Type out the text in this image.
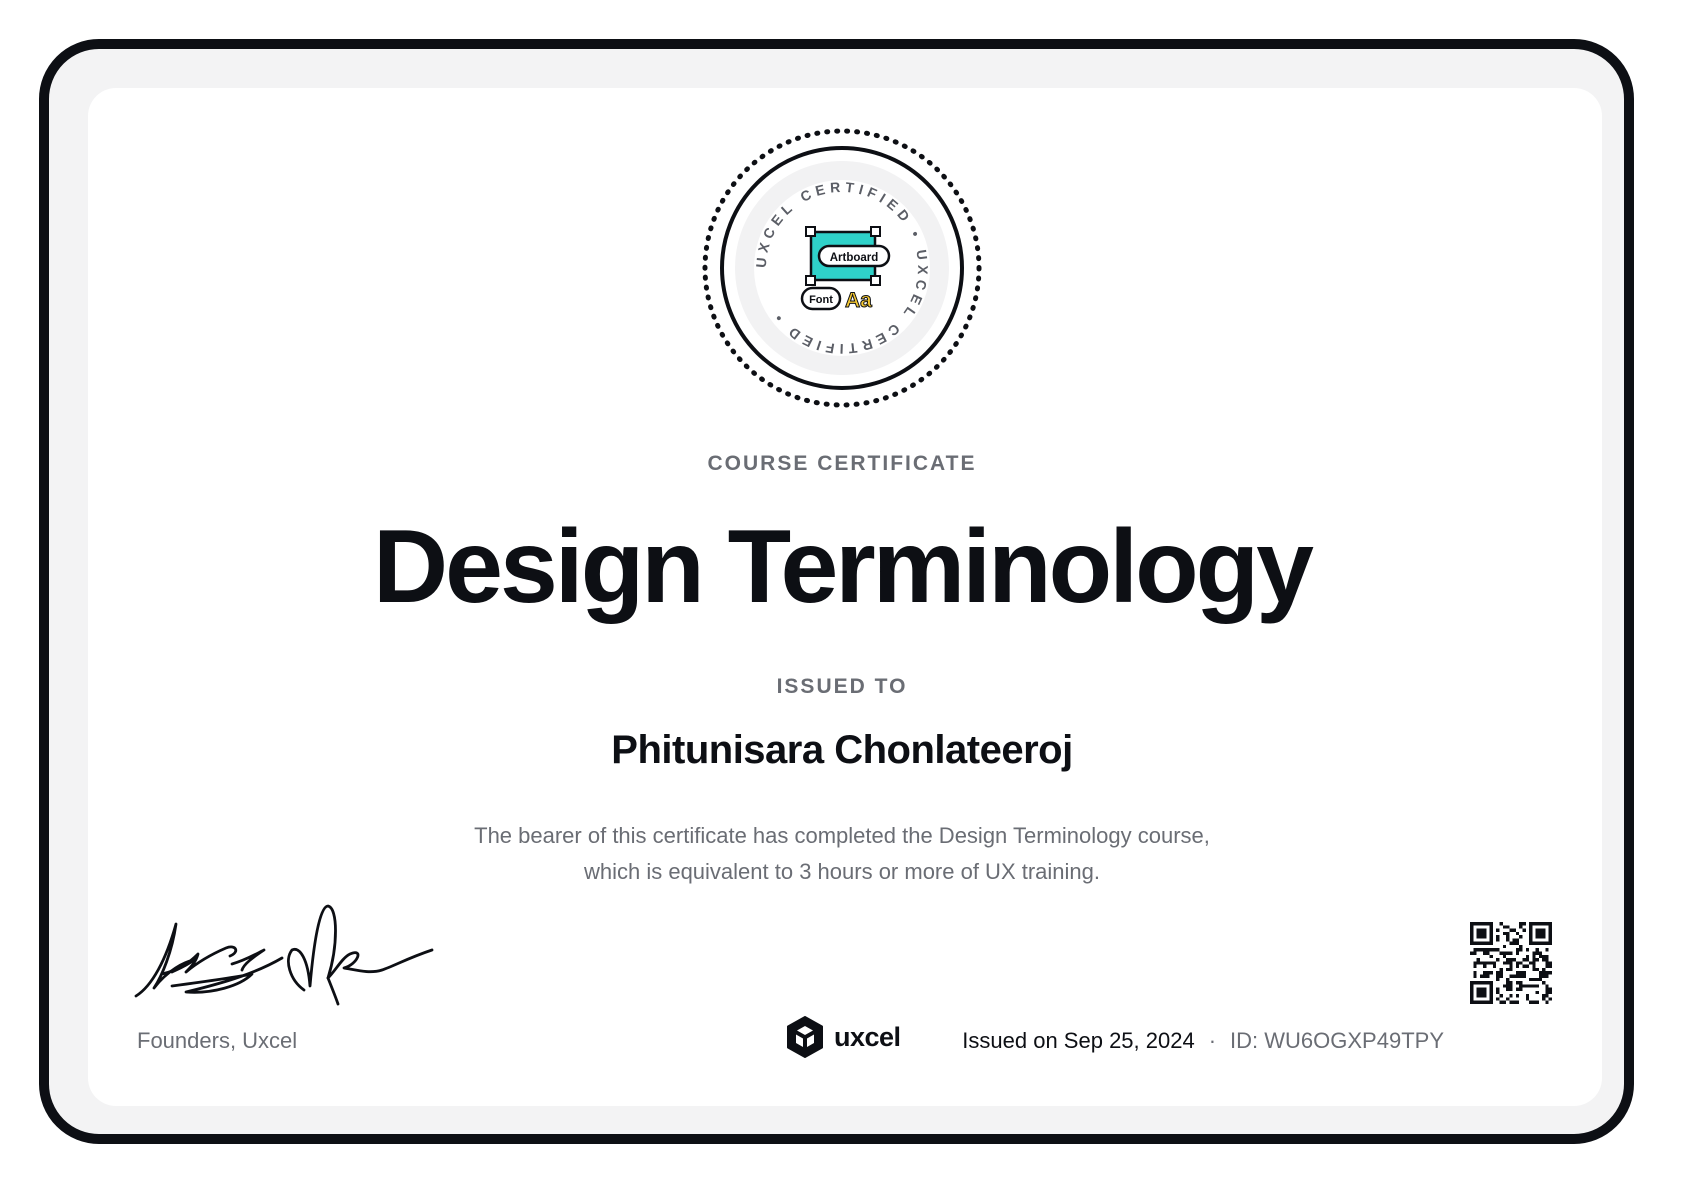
UXCEL CERTIFIED • UXCEL CERTIFIED •
Artboard
Font Aa
COURSE CERTIFICATE
Design Terminology
ISSUED TO
Phitunisara Chonlateeroj
The bearer of this certificate has completed the Design Terminology course,
which is equivalent to 3 hours or more of UX training.
Founders, Uxcel	uxcel	Issued on Sep 25, 2024 · ID: WU6OGXP49TPY
